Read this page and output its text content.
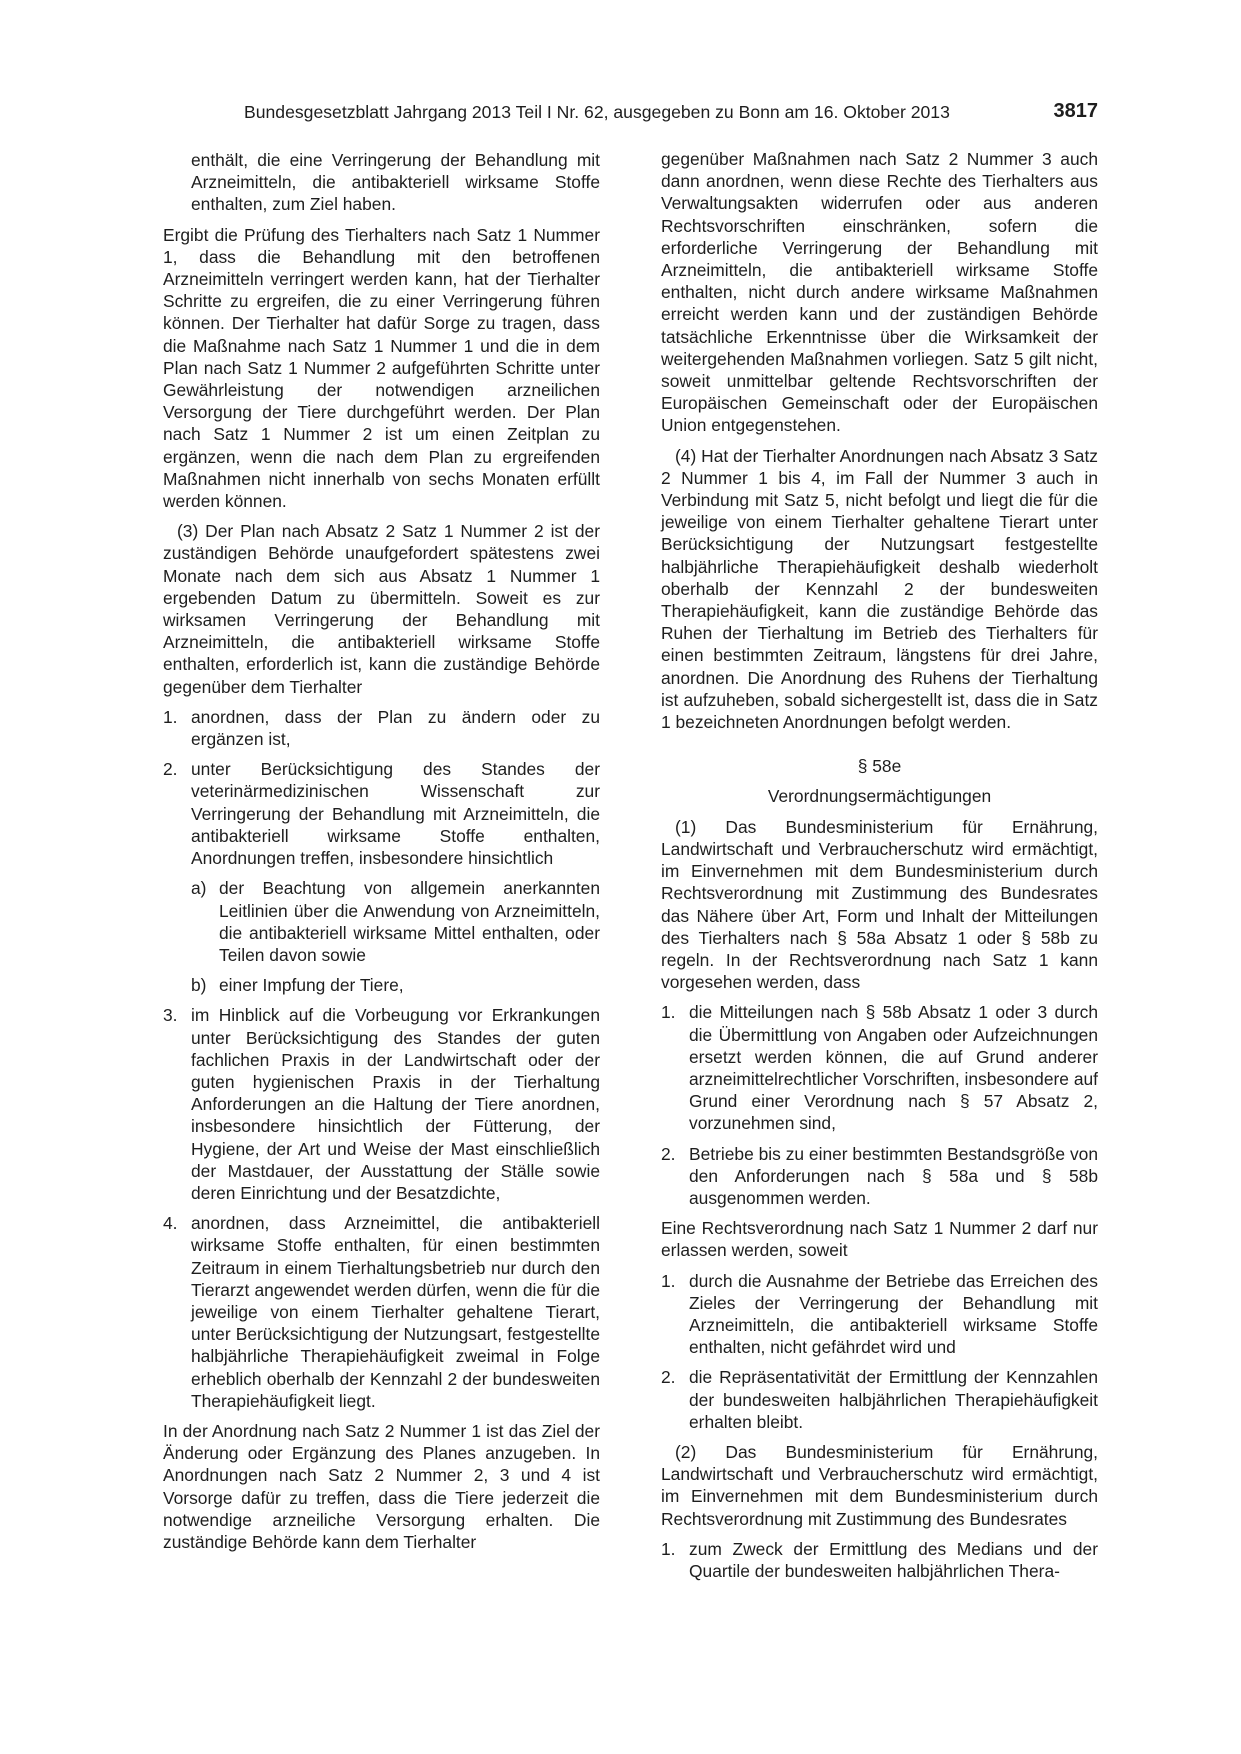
Bundesgesetzblatt Jahrgang 2013 Teil I Nr. 62, ausgegeben zu Bonn am 16. Oktober 2013	3817

enthält, die eine Verringerung der Behandlung mit Arzneimitteln, die antibakteriell wirksame Stoffe enthalten, zum Ziel haben.

Ergibt die Prüfung des Tierhalters nach Satz 1 Nummer 1, dass die Behandlung mit den betroffenen Arzneimitteln verringert werden kann, hat der Tierhalter Schritte zu ergreifen, die zu einer Verringerung führen können. Der Tierhalter hat dafür Sorge zu tragen, dass die Maßnahme nach Satz 1 Nummer 1 und die in dem Plan nach Satz 1 Nummer 2 aufgeführten Schritte unter Gewährleistung der notwendigen arzneilichen Versorgung der Tiere durchgeführt werden. Der Plan nach Satz 1 Nummer 2 ist um einen Zeitplan zu ergänzen, wenn die nach dem Plan zu ergreifenden Maßnahmen nicht innerhalb von sechs Monaten erfüllt werden können.

(3) Der Plan nach Absatz 2 Satz 1 Nummer 2 ist der zuständigen Behörde unaufgefordert spätestens zwei Monate nach dem sich aus Absatz 1 Nummer 1 ergebenden Datum zu übermitteln. Soweit es zur wirksamen Verringerung der Behandlung mit Arzneimitteln, die antibakteriell wirksame Stoffe enthalten, erforderlich ist, kann die zuständige Behörde gegenüber dem Tierhalter

1. anordnen, dass der Plan zu ändern oder zu ergänzen ist,
2. unter Berücksichtigung des Standes der veterinärmedizinischen Wissenschaft zur Verringerung der Behandlung mit Arzneimitteln, die antibakteriell wirksame Stoffe enthalten, Anordnungen treffen, insbesondere hinsichtlich
a) der Beachtung von allgemein anerkannten Leitlinien über die Anwendung von Arzneimitteln, die antibakteriell wirksame Mittel enthalten, oder Teilen davon sowie
b) einer Impfung der Tiere,
3. im Hinblick auf die Vorbeugung vor Erkrankungen unter Berücksichtigung des Standes der guten fachlichen Praxis in der Landwirtschaft oder der guten hygienischen Praxis in der Tierhaltung Anforderungen an die Haltung der Tiere anordnen, insbesondere hinsichtlich der Fütterung, der Hygiene, der Art und Weise der Mast einschließlich der Mastdauer, der Ausstattung der Ställe sowie deren Einrichtung und der Besatzdichte,
4. anordnen, dass Arzneimittel, die antibakteriell wirksame Stoffe enthalten, für einen bestimmten Zeitraum in einem Tierhaltungsbetrieb nur durch den Tierarzt angewendet werden dürfen, wenn die für die jeweilige von einem Tierhalter gehaltene Tierart, unter Berücksichtigung der Nutzungsart, festgestellte halbjährliche Therapiehäufigkeit zweimal in Folge erheblich oberhalb der Kennzahl 2 der bundesweiten Therapiehäufigkeit liegt.

In der Anordnung nach Satz 2 Nummer 1 ist das Ziel der Änderung oder Ergänzung des Planes anzugeben. In Anordnungen nach Satz 2 Nummer 2, 3 und 4 ist Vorsorge dafür zu treffen, dass die Tiere jederzeit die notwendige arzneiliche Versorgung erhalten. Die zuständige Behörde kann dem Tierhalter

gegenüber Maßnahmen nach Satz 2 Nummer 3 auch dann anordnen, wenn diese Rechte des Tierhalters aus Verwaltungsakten widerrufen oder aus anderen Rechtsvorschriften einschränken, sofern die erforderliche Verringerung der Behandlung mit Arzneimitteln, die antibakteriell wirksame Stoffe enthalten, nicht durch andere wirksame Maßnahmen erreicht werden kann und der zuständigen Behörde tatsächliche Erkenntnisse über die Wirksamkeit der weitergehenden Maßnahmen vorliegen. Satz 5 gilt nicht, soweit unmittelbar geltende Rechtsvorschriften der Europäischen Gemeinschaft oder der Europäischen Union entgegenstehen.

(4) Hat der Tierhalter Anordnungen nach Absatz 3 Satz 2 Nummer 1 bis 4, im Fall der Nummer 3 auch in Verbindung mit Satz 5, nicht befolgt und liegt die für die jeweilige von einem Tierhalter gehaltene Tierart unter Berücksichtigung der Nutzungsart festgestellte halbjährliche Therapiehäufigkeit deshalb wiederholt oberhalb der Kennzahl 2 der bundesweiten Therapiehäufigkeit, kann die zuständige Behörde das Ruhen der Tierhaltung im Betrieb des Tierhalters für einen bestimmten Zeitraum, längstens für drei Jahre, anordnen. Die Anordnung des Ruhens der Tierhaltung ist aufzuheben, sobald sichergestellt ist, dass die in Satz 1 bezeichneten Anordnungen befolgt werden.

§ 58e

Verordnungsermächtigungen

(1) Das Bundesministerium für Ernährung, Landwirtschaft und Verbraucherschutz wird ermächtigt, im Einvernehmen mit dem Bundesministerium durch Rechtsverordnung mit Zustimmung des Bundesrates das Nähere über Art, Form und Inhalt der Mitteilungen des Tierhalters nach § 58a Absatz 1 oder § 58b zu regeln. In der Rechtsverordnung nach Satz 1 kann vorgesehen werden, dass

1. die Mitteilungen nach § 58b Absatz 1 oder 3 durch die Übermittlung von Angaben oder Aufzeichnungen ersetzt werden können, die auf Grund anderer arzneimittelrechtlicher Vorschriften, insbesondere auf Grund einer Verordnung nach § 57 Absatz 2, vorzunehmen sind,
2. Betriebe bis zu einer bestimmten Bestandsgröße von den Anforderungen nach § 58a und § 58b ausgenommen werden.

Eine Rechtsverordnung nach Satz 1 Nummer 2 darf nur erlassen werden, soweit

1. durch die Ausnahme der Betriebe das Erreichen des Zieles der Verringerung der Behandlung mit Arzneimitteln, die antibakteriell wirksame Stoffe enthalten, nicht gefährdet wird und
2. die Repräsentativität der Ermittlung der Kennzahlen der bundesweiten halbjährlichen Therapiehäufigkeit erhalten bleibt.

(2) Das Bundesministerium für Ernährung, Landwirtschaft und Verbraucherschutz wird ermächtigt, im Einvernehmen mit dem Bundesministerium durch Rechtsverordnung mit Zustimmung des Bundesrates

1. zum Zweck der Ermittlung des Medians und der Quartile der bundesweiten halbjährlichen Thera-
